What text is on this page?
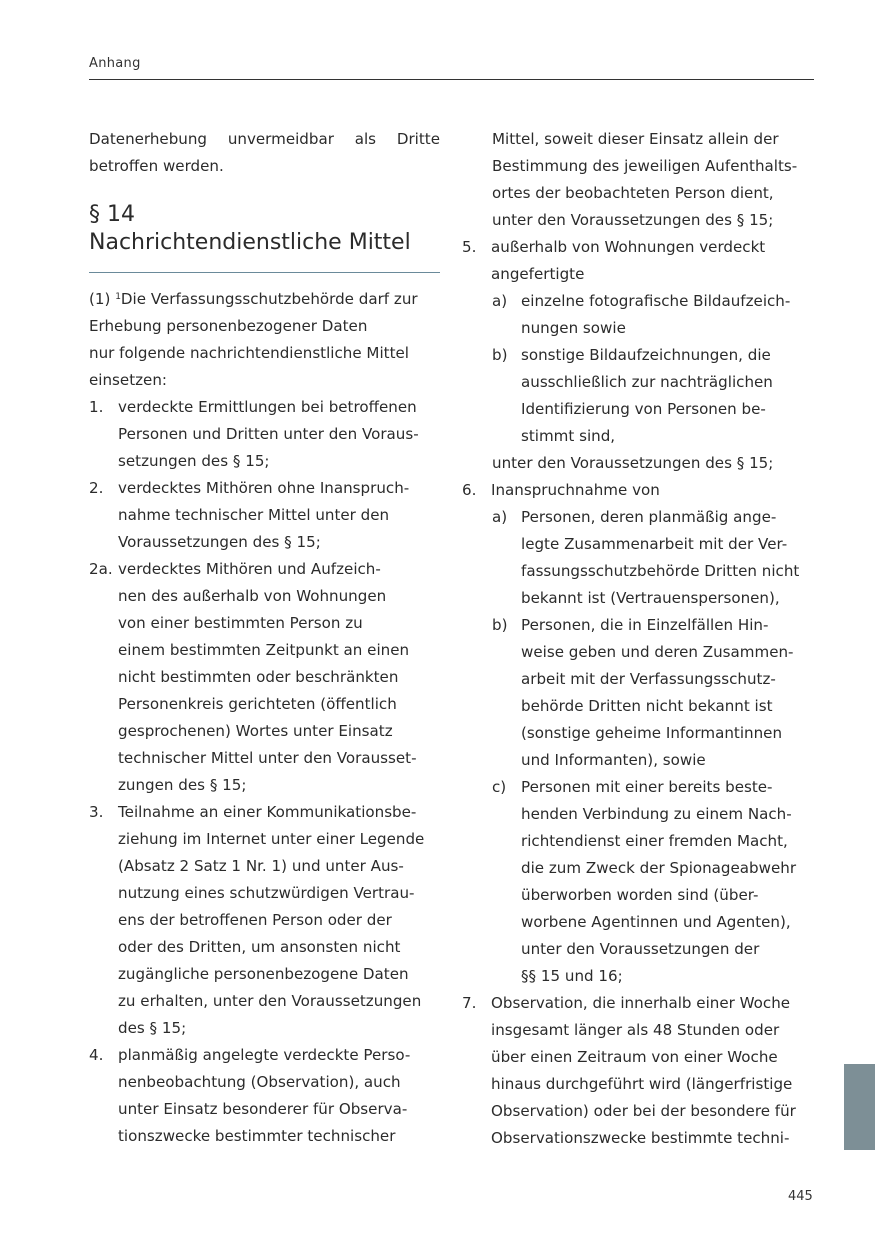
Anhang

Datenerhebung unvermeidbar als Dritte betroffen werden.

§ 14
Nachrichtendienstliche Mittel
(1) $^1$Die Verfassungsschutzbehörde darf zur
Erhebung personenbezogener Daten
nur folgende nachrichtendienstliche Mittel
einsetzen:
1. verdeckte Ermittlungen bei betroffenen
Personen und Dritten unter den Voraus-
setzungen des § 15;
2. verdecktes Mithören ohne Inanspruch-
nahme technischer Mittel unter den
Voraussetzungen des § 15;
2a. verdecktes Mithören und Aufzeich-
nen des außerhalb von Wohnungen
von einer bestimmten Person zu
einem bestimmten Zeitpunkt an einen
nicht bestimmten oder beschränkten
Personenkreis gerichteten (öffentlich
gesprochenen) Wortes unter Einsatz
technischer Mittel unter den Vorausset-
zungen des § 15;
3. Teilnahme an einer Kommunikationsbe-
ziehung im Internet unter einer Legende
(Absatz 2 Satz 1 Nr. 1) und unter Aus-
nutzung eines schutzwürdigen Vertrau-
ens der betroffenen Person oder der
oder des Dritten, um ansonsten nicht
zugängliche personenbezogene Daten
zu erhalten, unter den Voraussetzungen
des § 15;
4. planmäßig angelegte verdeckte Perso-
nenbeobachtung (Observation), auch
unter Einsatz besonderer für Observa-
tionszwecke bestimmter technischer
Mittel, soweit dieser Einsatz allein der
Bestimmung des jeweiligen Aufenthalts-
ortes der beobachteten Person dient,
unter den Voraussetzungen des § 15;
5. außerhalb von Wohnungen verdeckt
angefertigte
a) einzelne fotografische Bildaufzeich-
nungen sowie
b) sonstige Bildaufzeichnungen, die
ausschließlich zur nachträglichen
Identifizierung von Personen be-
stimmt sind,
unter den Voraussetzungen des § 15;
6. Inanspruchnahme von
a) Personen, deren planmäßig ange-
legte Zusammenarbeit mit der Ver-
fassungsschutzbehörde Dritten nicht
bekannt ist (Vertrauenspersonen),
b) Personen, die in Einzelfällen Hin-
weise geben und deren Zusammen-
arbeit mit der Verfassungsschutz-
behörde Dritten nicht bekannt ist
(sonstige geheime Informantinnen
und Informanten), sowie
c) Personen mit einer bereits beste-
henden Verbindung zu einem Nach-
richtendienst einer fremden Macht,
die zum Zweck der Spionageabwehr
überworben worden sind (über-
worbene Agentinnen und Agenten),
unter den Voraussetzungen der
§§ 15 und 16;
7. Observation, die innerhalb einer Woche
insgesamt länger als 48 Stunden oder
über einen Zeitraum von einer Woche
hinaus durchgeführt wird (längerfristige
Observation) oder bei der besondere für
Observationszwecke bestimmte techni-
445
